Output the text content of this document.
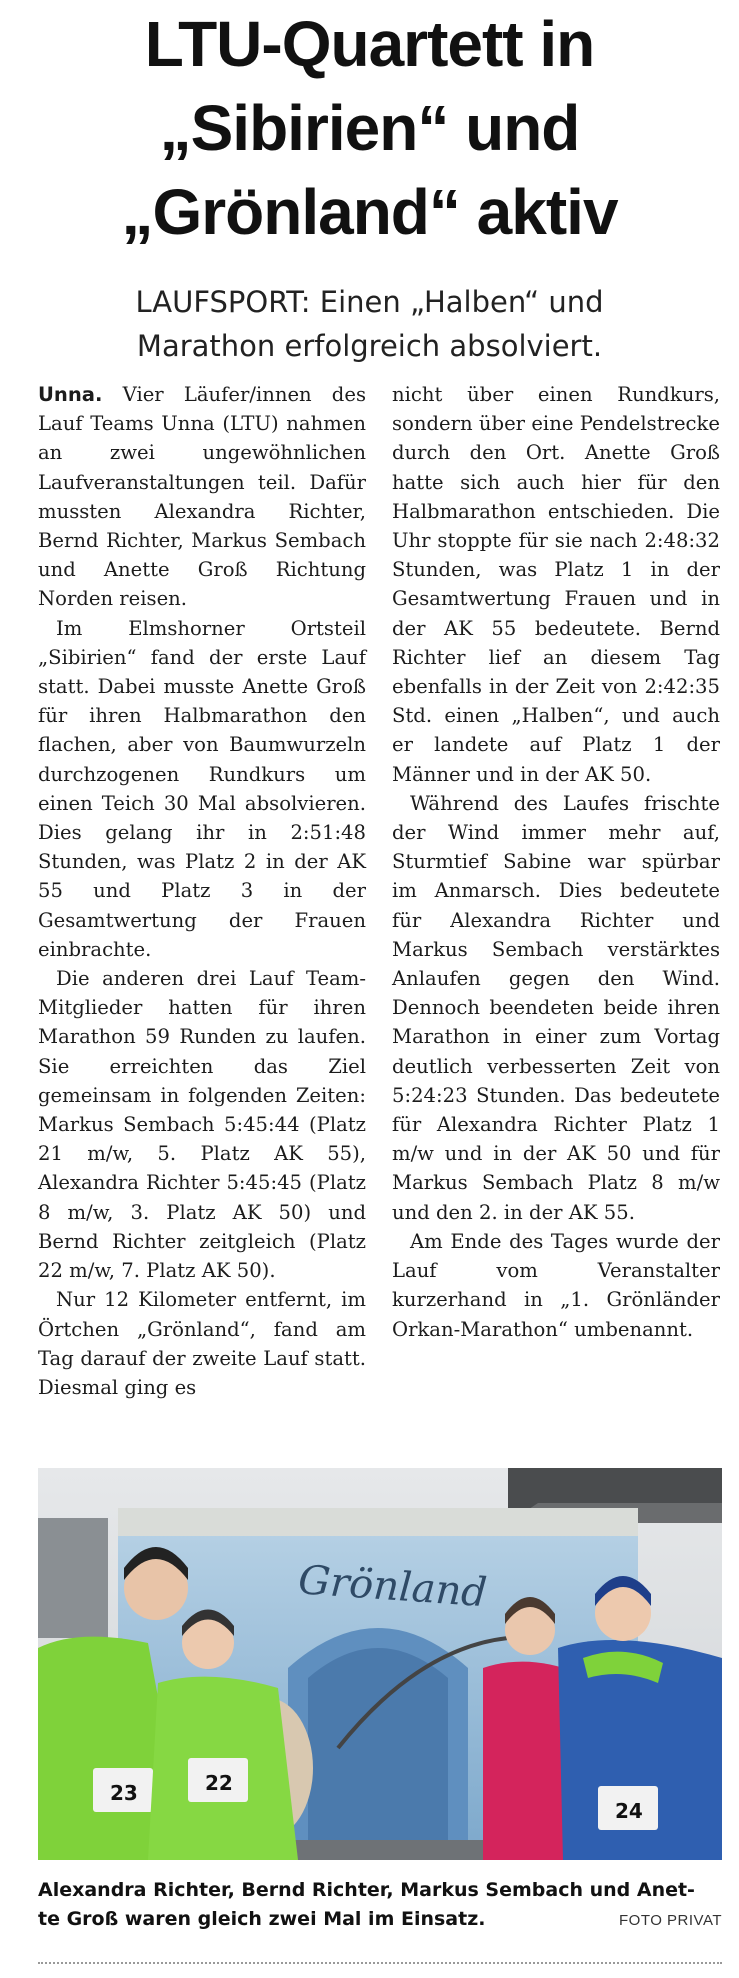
LTU-Quartett in
„Sibirien“ und
„Grönland“ aktiv
LAUFSPORT: Einen „Halben“ und
Marathon erfolgreich absolviert.

Unna. Vier Läufer/innen des Lauf Teams Unna (LTU) nahmen an zwei ungewöhnlichen Laufveranstaltungen teil. Dafür mussten Alexandra Richter, Bernd Richter, Markus Sembach und Anette Groß Richtung Norden reisen.

Im Elmshorner Ortsteil „Sibirien“ fand der erste Lauf statt. Dabei musste Anette Groß für ihren Halbmarathon den flachen, aber von Baumwurzeln durchzogenen Rundkurs um einen Teich 30 Mal absolvieren. Dies gelang ihr in 2:51:48 Stunden, was Platz 2 in der AK 55 und Platz 3 in der Gesamtwertung der Frauen einbrachte.

Die anderen drei Lauf Team-Mitglieder hatten für ihren Marathon 59 Runden zu laufen. Sie erreichten das Ziel gemeinsam in folgenden Zeiten: Markus Sembach 5:45:44 (Platz 21 m/w, 5. Platz AK 55), Alexandra Richter 5:45:45 (Platz 8 m/w, 3. Platz AK 50) und Bernd Richter zeitgleich (Platz 22 m/w, 7. Platz AK 50).

Nur 12 Kilometer entfernt, im Örtchen „Grönland“, fand am Tag darauf der zweite Lauf statt. Diesmal ging es

nicht über einen Rundkurs, sondern über eine Pendelstrecke durch den Ort. Anette Groß hatte sich auch hier für den Halbmarathon entschieden. Die Uhr stoppte für sie nach 2:48:32 Stunden, was Platz 1 in der Gesamtwertung Frauen und in der AK 55 bedeutete. Bernd Richter lief an diesem Tag ebenfalls in der Zeit von 2:42:35 Std. einen „Halben“, und auch er landete auf Platz 1 der Männer und in der AK 50.

Während des Laufes frischte der Wind immer mehr auf, Sturmtief Sabine war spürbar im Anmarsch. Dies bedeutete für Alexandra Richter und Markus Sembach verstärktes Anlaufen gegen den Wind. Dennoch beendeten beide ihren Marathon in einer zum Vortag deutlich verbesserten Zeit von 5:24:23 Stunden. Das bedeutete für Alexandra Richter Platz 1 m/w und in der AK 50 und für Markus Sembach Platz 8 m/w und den 2. in der AK 55.

Am Ende des Tages wurde der Lauf vom Veranstalter kurzerhand in „1. Grönländer Orkan-Marathon“ umbenannt.

Grönland
23	22
24
Alexandra Richter, Bernd Richter, Markus Sembach und Anet-
te Groß waren gleich zwei Mal im Einsatz.	FOTO PRIVAT
